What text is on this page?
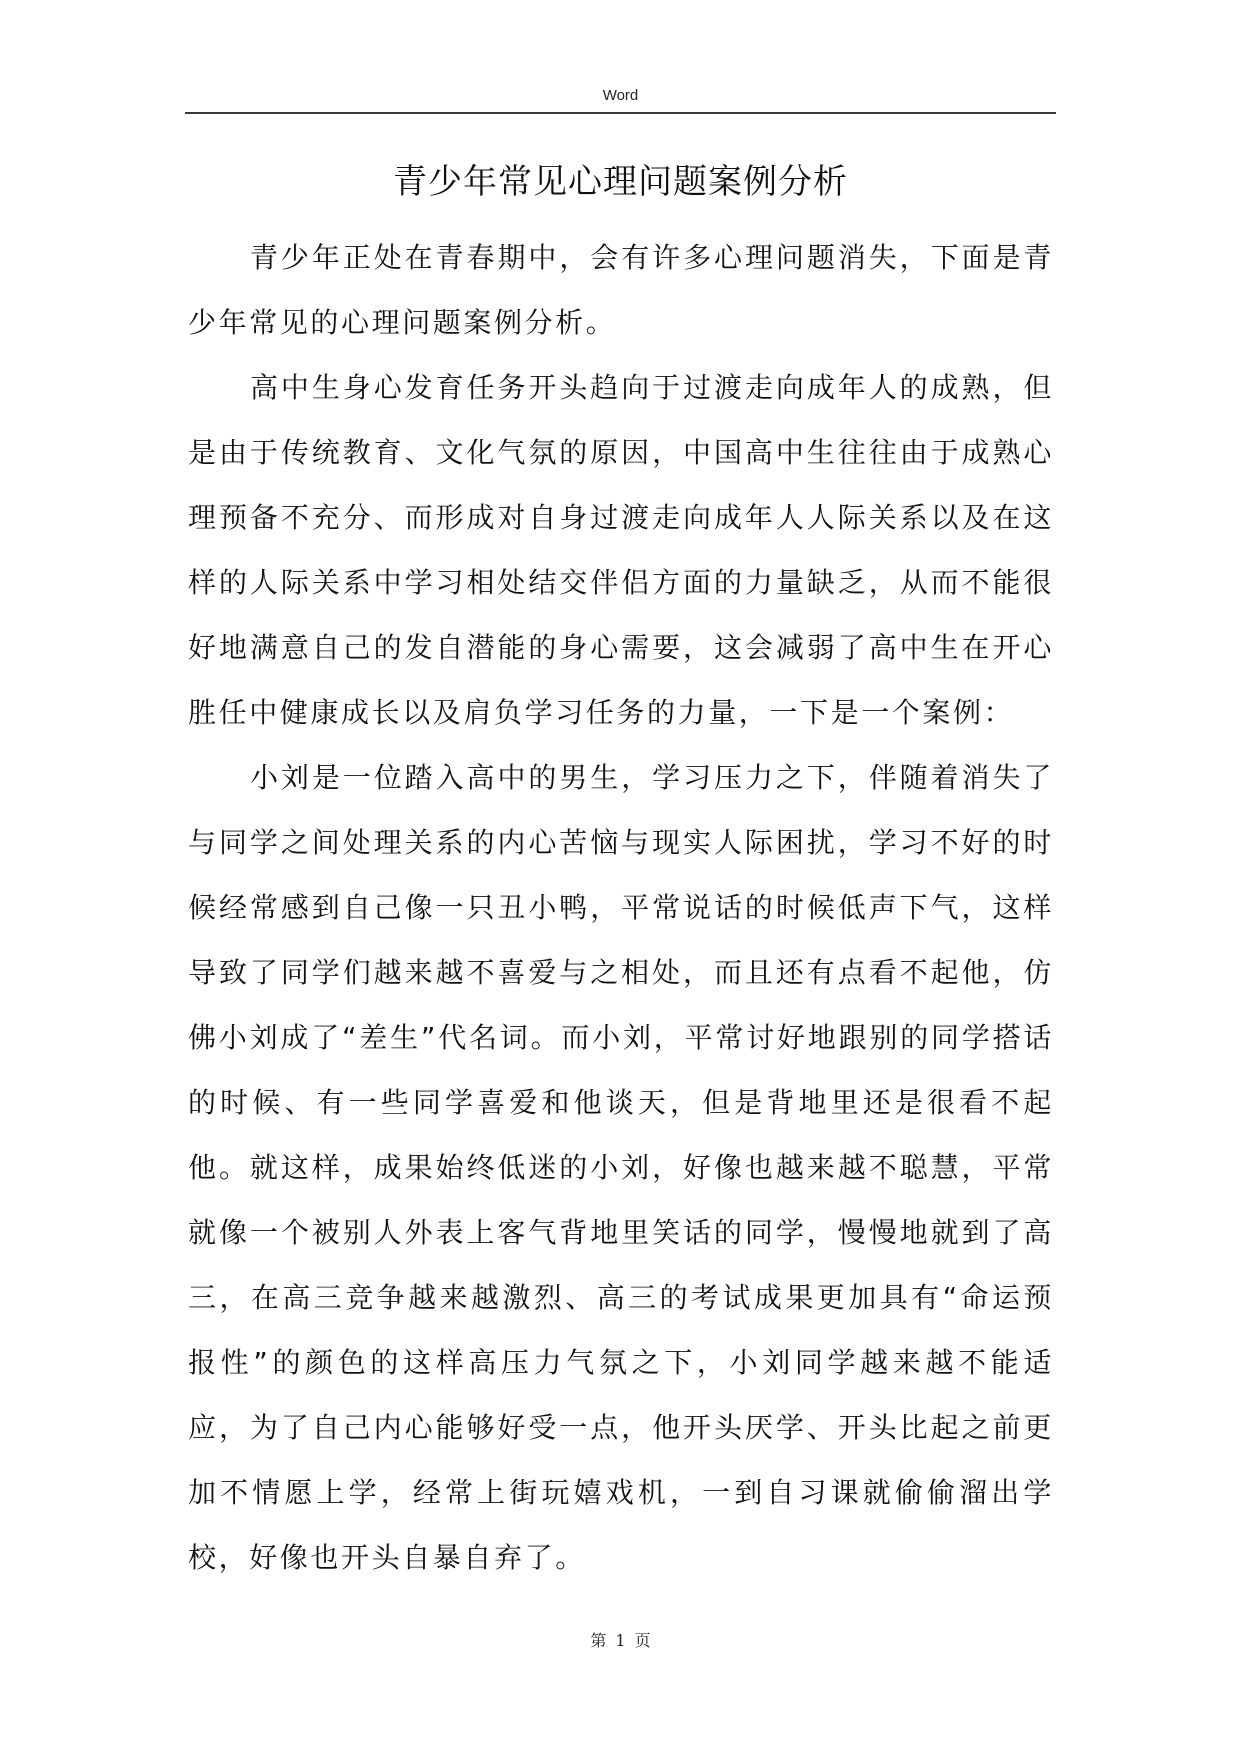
Word
青少年常见心理问题案例分析

青少年正处在青春期中，会有许多心理问题消失，下面是青少年常见的心理问题案例分析。

高中生身心发育任务开头趋向于过渡走向成年人的成熟，但是由于传统教育、文化气氛的原因，中国高中生往往由于成熟心理预备不充分、而形成对自身过渡走向成年人人际关系以及在这样的人际关系中学习相处结交伴侣方面的力量缺乏，从而不能很好地满意自己的发自潜能的身心需要，这会减弱了高中生在开心胜任中健康成长以及肩负学习任务的力量，一下是一个案例：

小刘是一位踏入高中的男生，学习压力之下，伴随着消失了与同学之间处理关系的内心苦恼与现实人际困扰，学习不好的时候经常感到自己像一只丑小鸭，平常说话的时候低声下气，这样导致了同学们越来越不喜爱与之相处，而且还有点看不起他，仿佛小刘成了“差生”代名词。而小刘，平常讨好地跟别的同学搭话的时候、有一些同学喜爱和他谈天，但是背地里还是很看不起他。就这样，成果始终低迷的小刘，好像也越来越不聪慧，平常就像一个被别人外表上客气背地里笑话的同学，慢慢地就到了高三，在高三竞争越来越激烈、高三的考试成果更加具有“命运预报性”的颜色的这样高压力气氛之下，小刘同学越来越不能适应，为了自己内心能够好受一点，他开头厌学、开头比起之前更加不情愿上学，经常上街玩嬉戏机，一到自习课就偷偷溜出学校，好像也开头自暴自弃了。

第 1 页
